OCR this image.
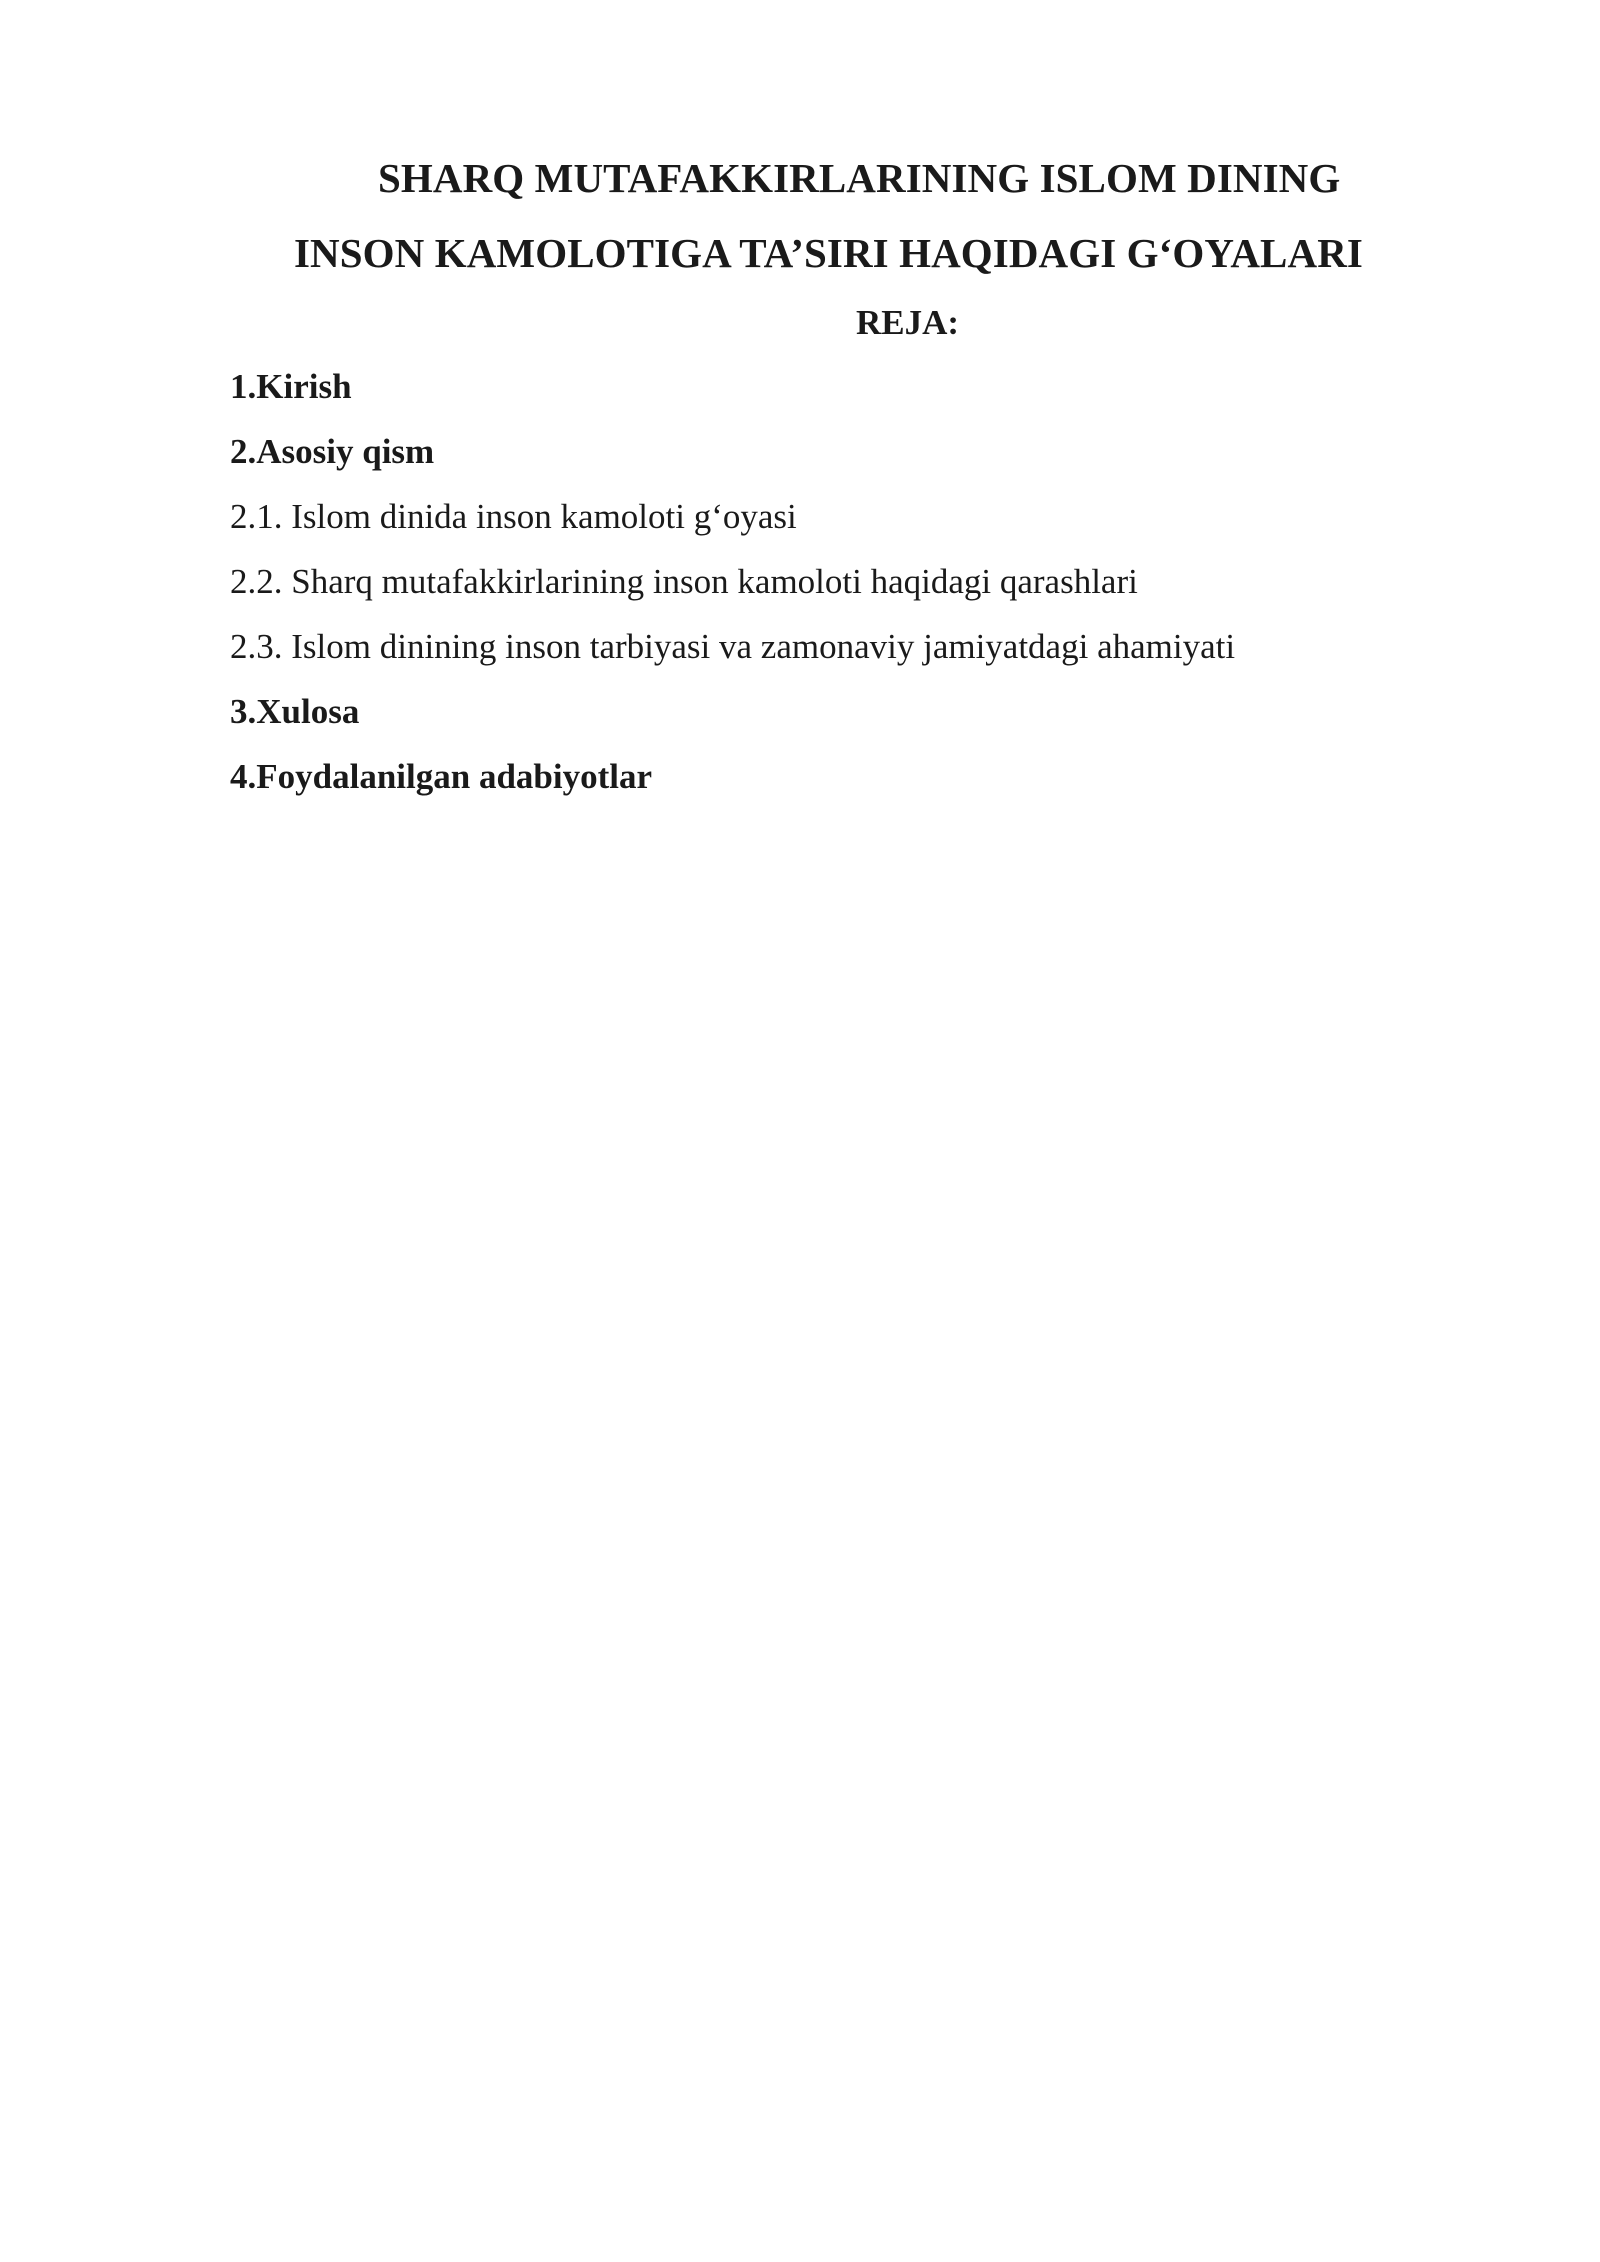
SHARQ MUTAFAKKIRLARINING ISLOM DINING
INSON KAMOLOTIGA TA’SIRI HAQIDAGI G‘OYALARI
REJA:
1.Kirish
2.Asosiy qism
2.1. Islom dinida inson kamoloti g‘oyasi
2.2. Sharq mutafakkirlarining inson kamoloti haqidagi qarashlari
2.3. Islom dinining inson tarbiyasi va zamonaviy jamiyatdagi ahamiyati
3.Xulosa
4.Foydalanilgan adabiyotlar
